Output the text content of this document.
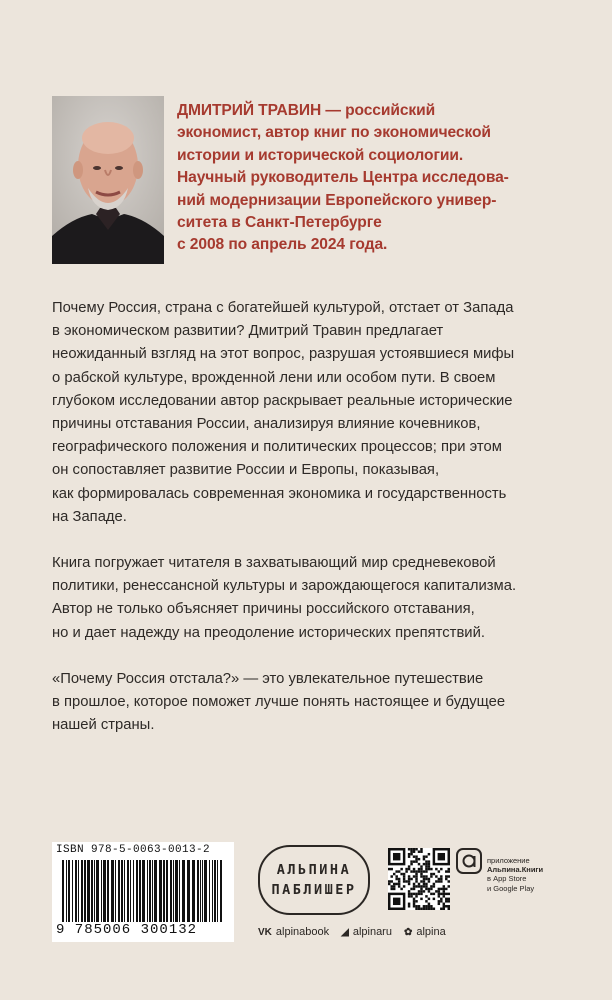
ДМИТРИЙ ТРАВИН — российский
экономист, автор книг по экономической
истории и исторической социологии.
Научный руководитель Центра исследова-
ний модернизации Европейского универ-
ситета в Санкт-Петербурге
с 2008 по апрель 2024 года.
Почему Россия, страна с богатейшей культурой, отстает от Запада
в экономическом развитии? Дмитрий Травин предлагает
неожиданный взгляд на этот вопрос, разрушая устоявшиеся мифы
о рабской культуре, врожденной лени или особом пути. В своем
глубоком исследовании автор раскрывает реальные исторические
причины отставания России, анализируя влияние кочевников,
географического положения и политических процессов; при этом
он сопоставляет развитие России и Европы, показывая,
как формировалась современная экономика и государственность
на Западе.
Книга погружает читателя в захватывающий мир средневековой
политики, ренессансной культуры и зарождающегося капитализма.
Автор не только объясняет причины российского отставания,
но и дает надежду на преодоление исторических препятствий.
«Почему Россия отстала?» — это увлекательное путешествие
в прошлое, которое поможет лучше понять настоящее и будущее
нашей страны.
ISBN 978-5-0063-0013-2
9 785006 300132
АЛЬПИНА
ПАБЛИШЕР
приложение
Альпина.Книги
в App Store
и Google Play
VK alpinabook ◢ alpinaru ✿ alpina
